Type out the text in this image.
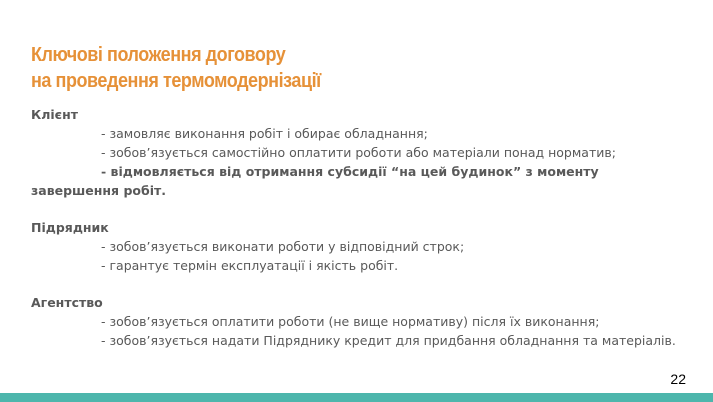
Ключові положення договору
на проведення термомодернізації
Клієнт
- замовляє виконання робіт і обирає обладнання;
- зобов’язується самостійно оплатити роботи або матеріали понад норматив;
- відмовляється від отримання субсидії “на цей будинок” з моменту завершення робіт.
Підрядник
- зобов’язується виконати роботи у відповідний строк;
- гарантує термін експлуатації і якість робіт.
Агентство
- зобов’язується оплатити роботи (не вище нормативу) після їх виконання;
- зобов’язується надати Підряднику кредит для придбання обладнання та матеріалів.
22
